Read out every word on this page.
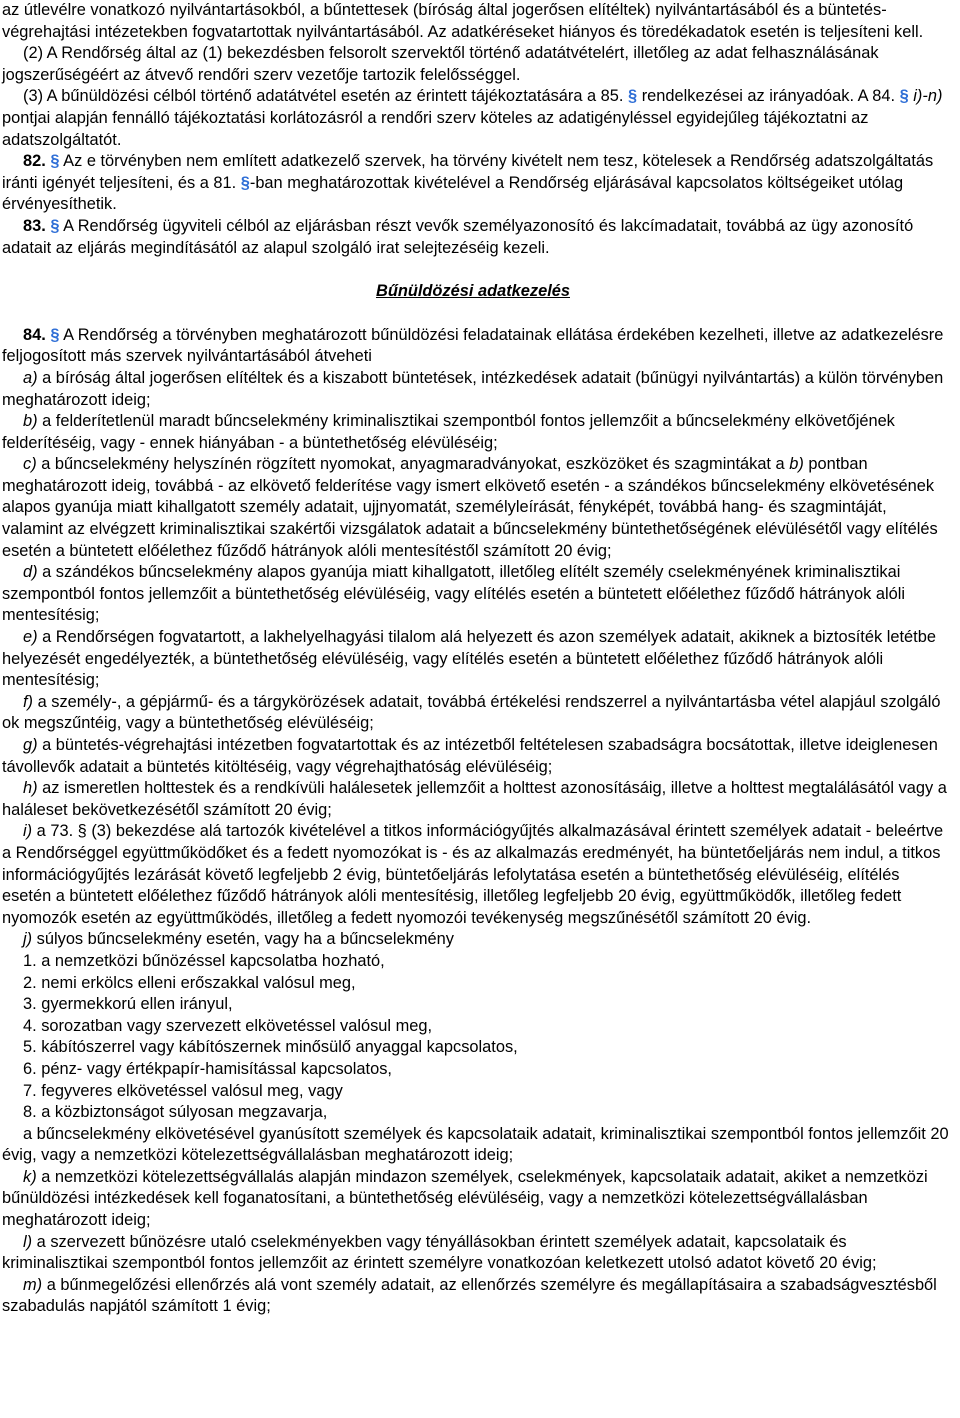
az útlevélre vonatkozó nyilvántartásokból, a bűntettesek (bíróság által jogerősen elítéltek) nyilvántartásából és a büntetés-végrehajtási intézetekben fogvatartottak nyilvántartásából. Az adatkéréseket hiányos és töredékadatok esetén is teljesíteni kell.

(2) A Rendőrség által az (1) bekezdésben felsorolt szervektől történő adatátvételért, illetőleg az adat felhasználásának jogszerűségéért az átvevő rendőri szerv vezetője tartozik felelősséggel.

(3) A bűnüldözési célból történő adatátvétel esetén az érintett tájékoztatására a 85. § rendelkezései az irányadóak. A 84. § i)-n) pontjai alapján fennálló tájékoztatási korlátozásról a rendőri szerv köteles az adatigényléssel egyidejűleg tájékoztatni az adatszolgáltatót.

82. § Az e törvényben nem említett adatkezelő szervek, ha törvény kivételt nem tesz, kötelesek a Rendőrség adatszolgáltatás iránti igényét teljesíteni, és a 81. §-ban meghatározottak kivételével a Rendőrség eljárásával kapcsolatos költségeiket utólag érvényesíthetik.

83. § A Rendőrség ügyviteli célból az eljárásban részt vevők személyazonosító és lakcímadatait, továbbá az ügy azonosító adatait az eljárás megindításától az alapul szolgáló irat selejtezéséig kezeli.

Bűnüldözési adatkezelés

84. § A Rendőrség a törvényben meghatározott bűnüldözési feladatainak ellátása érdekében kezelheti, illetve az adatkezelésre feljogosított más szervek nyilvántartásából átveheti

a) a bíróság által jogerősen elítéltek és a kiszabott büntetések, intézkedések adatait (bűnügyi nyilvántartás) a külön törvényben meghatározott ideig;

b) a felderítetlenül maradt bűncselekmény kriminalisztikai szempontból fontos jellemzőit a bűncselekmény elkövetőjének felderítéséig, vagy - ennek hiányában - a büntethetőség elévüléséig;

c) a bűncselekmény helyszínén rögzített nyomokat, anyagmaradványokat, eszközöket és szagmintákat a b) pontban meghatározott ideig, továbbá - az elkövető felderítése vagy ismert elkövető esetén - a szándékos bűncselekmény elkövetésének alapos gyanúja miatt kihallgatott személy adatait, ujjnyomatát, személyleírását, fényképét, továbbá hang- és szagmintáját, valamint az elvégzett kriminalisztikai szakértői vizsgálatok adatait a bűncselekmény büntethetőségének elévülésétől vagy elítélés esetén a büntetett előélethez fűződő hátrányok alóli mentesítéstől számított 20 évig;

d) a szándékos bűncselekmény alapos gyanúja miatt kihallgatott, illetőleg elítélt személy cselekményének kriminalisztikai szempontból fontos jellemzőit a büntethetőség elévüléséig, vagy elítélés esetén a büntetett előélethez fűződő hátrányok alóli mentesítésig;

e) a Rendőrségen fogvatartott, a lakhelyelhagyási tilalom alá helyezett és azon személyek adatait, akiknek a biztosíték letétbe helyezését engedélyezték, a büntethetőség elévüléséig, vagy elítélés esetén a büntetett előélethez fűződő hátrányok alóli mentesítésig;

f) a személy-, a gépjármű- és a tárgykörözések adatait, továbbá értékelési rendszerrel a nyilvántartásba vétel alapjául szolgáló ok megszűntéig, vagy a büntethetőség elévüléséig;

g) a büntetés-végrehajtási intézetben fogvatartottak és az intézetből feltételesen szabadságra bocsátottak, illetve ideiglenesen távollevők adatait a büntetés kitöltéséig, vagy végrehajthatóság elévüléséig;

h) az ismeretlen holttestek és a rendkívüli halálesetek jellemzőit a holttest azonosításáig, illetve a holttest megtalálásától vagy a haláleset bekövetkezésétől számított 20 évig;

i) a 73. § (3) bekezdése alá tartozók kivételével a titkos információgyűjtés alkalmazásával érintett személyek adatait - beleértve a Rendőrséggel együttműködőket és a fedett nyomozókat is - és az alkalmazás eredményét, ha büntetőeljárás nem indul, a titkos információgyűjtés lezárását követő legfeljebb 2 évig, büntetőeljárás lefolytatása esetén a büntethetőség elévüléséig, elítélés esetén a büntetett előélethez fűződő hátrányok alóli mentesítésig, illetőleg legfeljebb 20 évig, együttműködők, illetőleg fedett nyomozók esetén az együttműködés, illetőleg a fedett nyomozói tevékenység megszűnésétől számított 20 évig.

j) súlyos bűncselekmény esetén, vagy ha a bűncselekmény

1. a nemzetközi bűnözéssel kapcsolatba hozható,

2. nemi erkölcs elleni erőszakkal valósul meg,

3. gyermekkorú ellen irányul,

4. sorozatban vagy szervezett elkövetéssel valósul meg,

5. kábítószerrel vagy kábítószernek minősülő anyaggal kapcsolatos,

6. pénz- vagy értékpapír-hamisítással kapcsolatos,

7. fegyveres elkövetéssel valósul meg, vagy

8. a közbiztonságot súlyosan megzavarja,

a bűncselekmény elkövetésével gyanúsított személyek és kapcsolataik adatait, kriminalisztikai szempontból fontos jellemzőit 20 évig, vagy a nemzetközi kötelezettségvállalásban meghatározott ideig;

k) a nemzetközi kötelezettségvállalás alapján mindazon személyek, cselekmények, kapcsolataik adatait, akiket a nemzetközi bűnüldözési intézkedések kell foganatosítani, a büntethetőség elévüléséig, vagy a nemzetközi kötelezettségvállalásban meghatározott ideig;

l) a szervezett bűnözésre utaló cselekményekben vagy tényállásokban érintett személyek adatait, kapcsolataik és kriminalisztikai szempontból fontos jellemzőit az érintett személyre vonatkozóan keletkezett utolsó adatot követő 20 évig;

m) a bűnmegelőzési ellenőrzés alá vont személy adatait, az ellenőrzés személyre és megállapításaira a szabadságvesztésből szabadulás napjától számított 1 évig;
